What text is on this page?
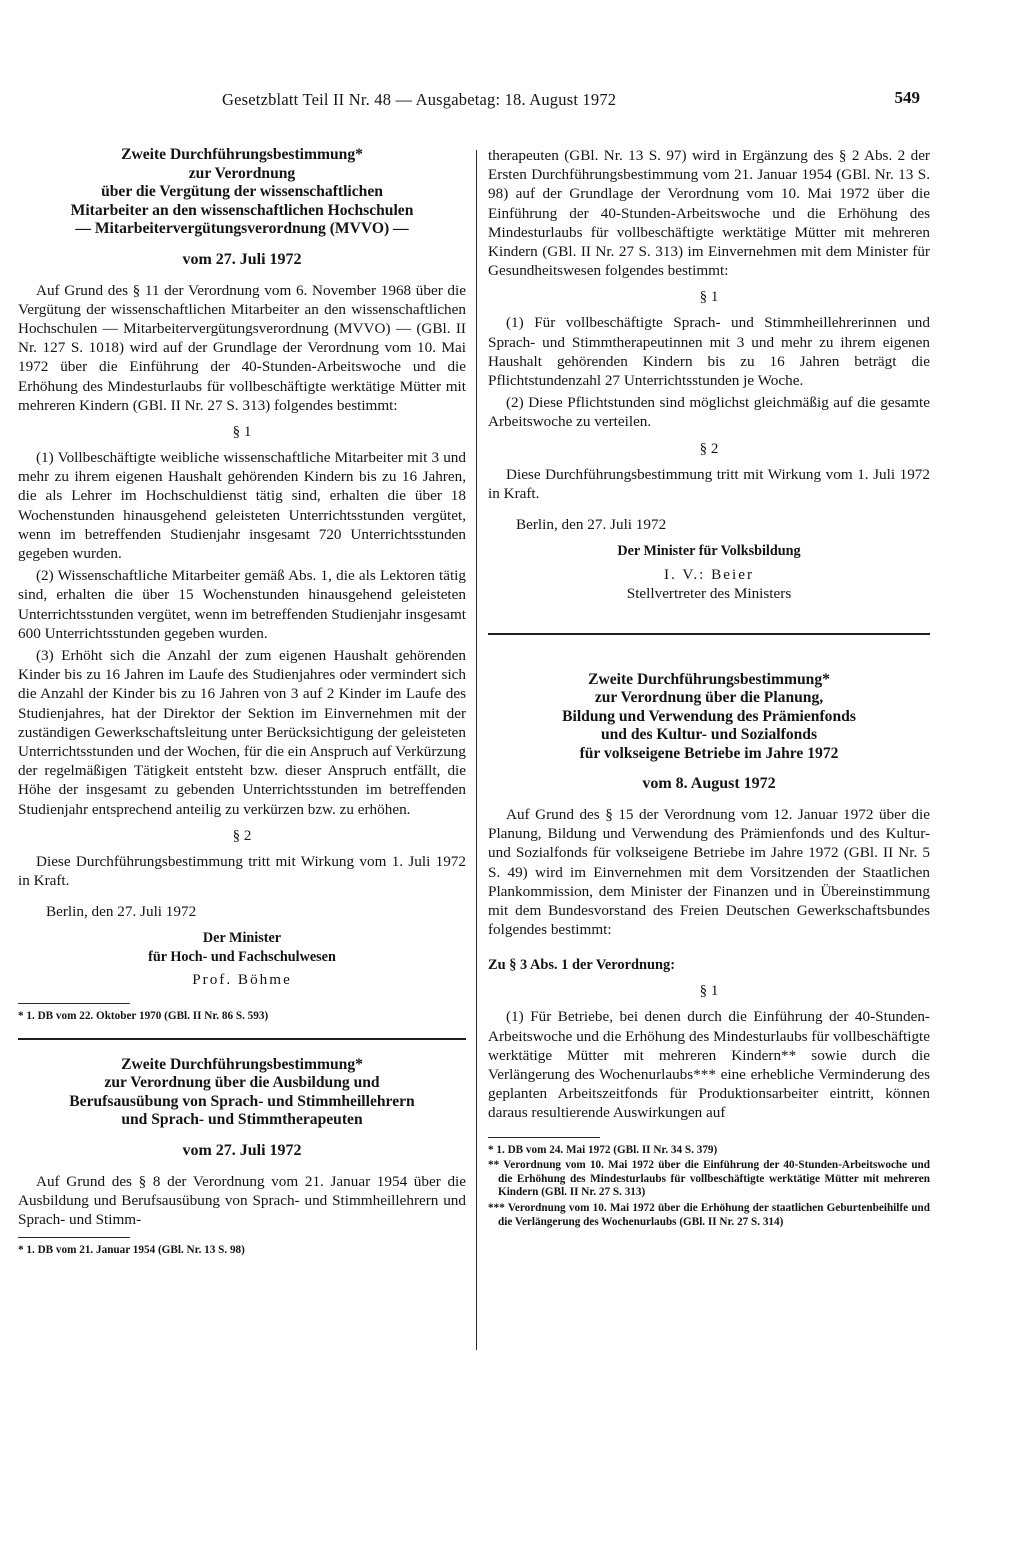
Gesetzblatt Teil II Nr. 48 — Ausgabetag: 18. August 1972	549
Zweite Durchführungsbestimmung*
zur Verordnung
über die Vergütung der wissenschaftlichen
Mitarbeiter an den wissenschaftlichen Hochschulen
— Mitarbeitervergütungsverordnung (MVVO) —
vom 27. Juli 1972

Auf Grund des § 11 der Verordnung vom 6. November 1968 über die Vergütung der wissenschaftlichen Mitarbeiter an den wissenschaftlichen Hochschulen — Mitarbeitervergütungsverordnung (MVVO) — (GBl. II Nr. 127 S. 1018) wird auf der Grundlage der Verordnung vom 10. Mai 1972 über die Einführung der 40-Stunden-Arbeitswoche und die Erhöhung des Mindesturlaubs für vollbeschäftigte werktätige Mütter mit mehreren Kindern (GBl. II Nr. 27 S. 313) folgendes bestimmt:

§ 1

(1) Vollbeschäftigte weibliche wissenschaftliche Mitarbeiter mit 3 und mehr zu ihrem eigenen Haushalt gehörenden Kindern bis zu 16 Jahren, die als Lehrer im Hochschuldienst tätig sind, erhalten die über 18 Wochenstunden hinausgehend geleisteten Unterrichtsstunden vergütet, wenn im betreffenden Studienjahr insgesamt 720 Unterrichtsstunden gegeben wurden.

(2) Wissenschaftliche Mitarbeiter gemäß Abs. 1, die als Lektoren tätig sind, erhalten die über 15 Wochenstunden hinausgehend geleisteten Unterrichtsstunden vergütet, wenn im betreffenden Studienjahr insgesamt 600 Unterrichtsstunden gegeben wurden.

(3) Erhöht sich die Anzahl der zum eigenen Haushalt gehörenden Kinder bis zu 16 Jahren im Laufe des Studienjahres oder vermindert sich die Anzahl der Kinder bis zu 16 Jahren von 3 auf 2 Kinder im Laufe des Studienjahres, hat der Direktor der Sektion im Einvernehmen mit der zuständigen Gewerkschaftsleitung unter Berücksichtigung der geleisteten Unterrichtsstunden und der Wochen, für die ein Anspruch auf Verkürzung der regelmäßigen Tätigkeit entsteht bzw. dieser Anspruch entfällt, die Höhe der insgesamt zu gebenden Unterrichtsstunden im betreffenden Studienjahr entsprechend anteilig zu verkürzen bzw. zu erhöhen.

§ 2

Diese Durchführungsbestimmung tritt mit Wirkung vom 1. Juli 1972 in Kraft.

Berlin, den 27. Juli 1972
Der Minister
für Hoch- und Fachschulwesen
Prof. Böhme

* 1. DB vom 22. Oktober 1970 (GBl. II Nr. 86 S. 593)

Zweite Durchführungsbestimmung*
zur Verordnung über die Ausbildung und
Berufsausübung von Sprach- und Stimmheillehrern
und Sprach- und Stimmtherapeuten
vom 27. Juli 1972

Auf Grund des § 8 der Verordnung vom 21. Januar 1954 über die Ausbildung und Berufsausübung von Sprach- und Stimmheillehrern und Sprach- und Stimm-

* 1. DB vom 21. Januar 1954 (GBl. Nr. 13 S. 98)

therapeuten (GBl. Nr. 13 S. 97) wird in Ergänzung des § 2 Abs. 2 der Ersten Durchführungsbestimmung vom 21. Januar 1954 (GBl. Nr. 13 S. 98) auf der Grundlage der Verordnung vom 10. Mai 1972 über die Einführung der 40-Stunden-Arbeitswoche und die Erhöhung des Mindesturlaubs für vollbeschäftigte werktätige Mütter mit mehreren Kindern (GBl. II Nr. 27 S. 313) im Einvernehmen mit dem Minister für Gesundheitswesen folgendes bestimmt:

§ 1

(1) Für vollbeschäftigte Sprach- und Stimmheillehrerinnen und Sprach- und Stimmtherapeutinnen mit 3 und mehr zu ihrem eigenen Haushalt gehörenden Kindern bis zu 16 Jahren beträgt die Pflichtstundenzahl 27 Unterrichtsstunden je Woche.

(2) Diese Pflichtstunden sind möglichst gleichmäßig auf die gesamte Arbeitswoche zu verteilen.

§ 2

Diese Durchführungsbestimmung tritt mit Wirkung vom 1. Juli 1972 in Kraft.

Berlin, den 27. Juli 1972
Der Minister für Volksbildung
I. V.: Beier
Stellvertreter des Ministers
Zweite Durchführungsbestimmung*
zur Verordnung über die Planung,
Bildung und Verwendung des Prämienfonds
und des Kultur- und Sozialfonds
für volkseigene Betriebe im Jahre 1972
vom 8. August 1972

Auf Grund des § 15 der Verordnung vom 12. Januar 1972 über die Planung, Bildung und Verwendung des Prämienfonds und des Kultur- und Sozialfonds für volkseigene Betriebe im Jahre 1972 (GBl. II Nr. 5 S. 49) wird im Einvernehmen mit dem Vorsitzenden der Staatlichen Plankommission, dem Minister der Finanzen und in Übereinstimmung mit dem Bundesvorstand des Freien Deutschen Gewerkschaftsbundes folgendes bestimmt:

Zu § 3 Abs. 1 der Verordnung:
§ 1

(1) Für Betriebe, bei denen durch die Einführung der 40-Stunden-Arbeitswoche und die Erhöhung des Mindesturlaubs für vollbeschäftigte werktätige Mütter mit mehreren Kindern** sowie durch die Verlängerung des Wochenurlaubs*** eine erhebliche Verminderung des geplanten Arbeitszeitfonds für Produktionsarbeiter eintritt, können daraus resultierende Auswirkungen auf

* 1. DB vom 24. Mai 1972 (GBl. II Nr. 34 S. 379)

** Verordnung vom 10. Mai 1972 über die Einführung der 40-Stunden-Arbeitswoche und die Erhöhung des Mindesturlaubs für vollbeschäftigte werktätige Mütter mit mehreren Kindern (GBl. II Nr. 27 S. 313)

*** Verordnung vom 10. Mai 1972 über die Erhöhung der staatlichen Geburtenbeihilfe und die Verlängerung des Wochenurlaubs (GBl. II Nr. 27 S. 314)
